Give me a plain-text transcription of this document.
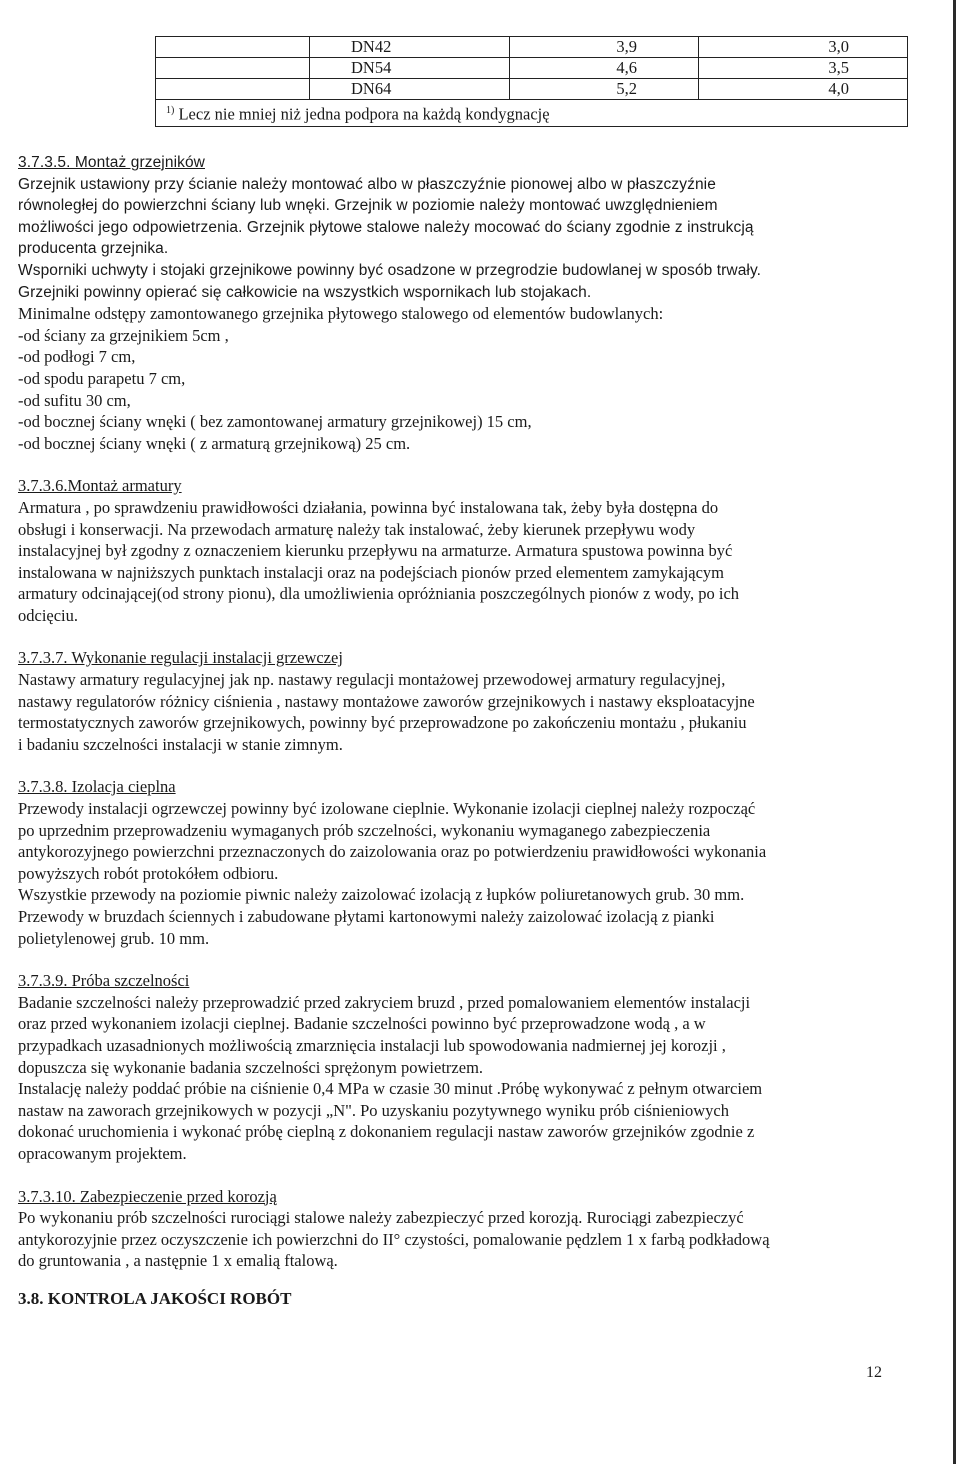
	DN42	3,9	3,0
	DN54	4,6	3,5
	DN64	5,2	4,0
$^{1)}$ Lecz nie mniej niż jedna podpora na każdą kondygnację			

3.7.3.5. Montaż grzejników

Grzejnik ustawiony przy ścianie należy montować albo w płaszczyźnie pionowej albo w płaszczyźnie

równoległej do powierzchni ściany lub wnęki. Grzejnik w poziomie należy montować uwzględnieniem

możliwości jego odpowietrzenia. Grzejnik płytowe stalowe należy mocować do ściany zgodnie z instrukcją

producenta grzejnika.

Wsporniki uchwyty i stojaki grzejnikowe powinny być osadzone w przegrodzie budowlanej w sposób trwały.

Grzejniki powinny opierać się całkowicie na wszystkich wspornikach lub stojakach.

Minimalne odstępy zamontowanego grzejnika płytowego stalowego od elementów budowlanych:

-od ściany za grzejnikiem 5cm ,

-od podłogi 7 cm,

-od spodu parapetu 7 cm,

-od sufitu 30 cm,

-od bocznej ściany wnęki ( bez zamontowanej armatury grzejnikowej) 15 cm,

-od bocznej ściany wnęki ( z armaturą grzejnikową) 25 cm.

3.7.3.6.Montaż armatury

Armatura , po sprawdzeniu prawidłowości działania, powinna być instalowana tak, żeby była dostępna do

obsługi i konserwacji. Na przewodach armaturę należy tak instalować, żeby kierunek przepływu wody

instalacyjnej był zgodny z oznaczeniem kierunku przepływu na armaturze. Armatura spustowa powinna być

instalowana w najniższych punktach instalacji oraz na podejściach pionów przed elementem zamykającym

armatury odcinającej(od strony pionu), dla umożliwienia opróżniania poszczególnych pionów z wody, po ich

odcięciu.

3.7.3.7. Wykonanie regulacji instalacji grzewczej

Nastawy armatury regulacyjnej jak np. nastawy regulacji montażowej przewodowej armatury regulacyjnej,

nastawy regulatorów różnicy ciśnienia , nastawy montażowe zaworów grzejnikowych i nastawy eksploatacyjne

termostatycznych zaworów grzejnikowych, powinny być przeprowadzone po zakończeniu montażu , płukaniu

i badaniu szczelności instalacji w stanie zimnym.

3.7.3.8. Izolacja cieplna

Przewody instalacji ogrzewczej powinny być izolowane cieplnie. Wykonanie izolacji cieplnej należy rozpocząć

po uprzednim przeprowadzeniu wymaganych prób szczelności, wykonaniu wymaganego zabezpieczenia

antykorozyjnego powierzchni przeznaczonych do zaizolowania oraz po potwierdzeniu prawidłowości wykonania

powyższych robót protokółem odbioru.

Wszystkie przewody na poziomie piwnic należy zaizolować izolacją z łupków poliuretanowych grub. 30 mm.

Przewody w bruzdach ściennych i zabudowane płytami kartonowymi należy zaizolować izolacją z pianki

polietylenowej grub. 10 mm.

3.7.3.9. Próba szczelności

Badanie szczelności należy przeprowadzić przed zakryciem bruzd , przed pomalowaniem elementów instalacji

oraz przed wykonaniem izolacji cieplnej. Badanie szczelności powinno być przeprowadzone wodą , a w

przypadkach uzasadnionych możliwością zmarznięcia instalacji lub spowodowania nadmiernej jej korozji ,

dopuszcza się wykonanie badania szczelności sprężonym powietrzem.

Instalację należy poddać próbie na ciśnienie 0,4 MPa w czasie 30 minut .Próbę wykonywać z pełnym otwarciem

nastaw na zaworach grzejnikowych w pozycji „N". Po uzyskaniu pozytywnego wyniku prób ciśnieniowych

dokonać uruchomienia i wykonać próbę cieplną z dokonaniem regulacji nastaw zaworów grzejników zgodnie z

opracowanym projektem.

3.7.3.10. Zabezpieczenie przed korozją

Po wykonaniu prób szczelności rurociągi stalowe należy zabezpieczyć przed korozją. Rurociągi zabezpieczyć

antykorozyjnie przez oczyszczenie ich powierzchni do II° czystości, pomalowanie pędzlem 1 x farbą podkładową

do gruntowania , a następnie 1 x emalią ftalową.

3.8. KONTROLA JAKOŚCI ROBÓT

12
